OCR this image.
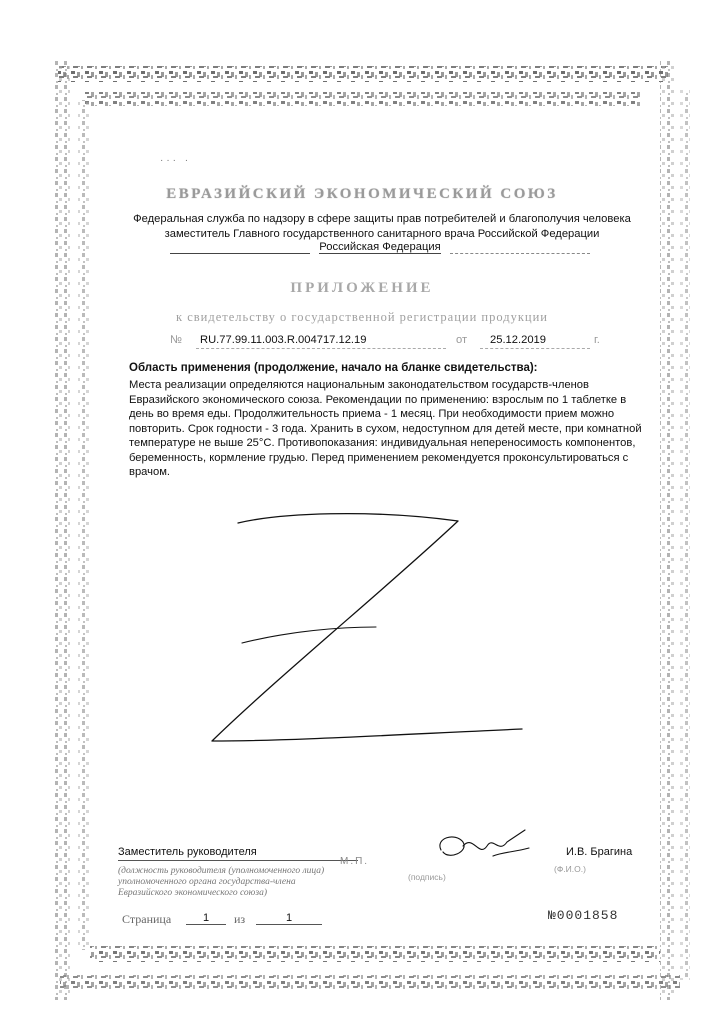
··· ·
ЕВРАЗИЙСКИЙ ЭКОНОМИЧЕСКИЙ СОЮЗ
Федеральная служба по надзору в сфере защиты прав потребителей и благополучия человека
заместитель Главного государственного санитарного врача Российской Федерации
Российская Федерация
ПРИЛОЖЕНИЕ
к свидетельству о государственной регистрации продукции
№ RU.77.99.11.003.R.004717.12.19	от 25.12.2019	г.
Область применения (продолжение, начало на бланке свидетельства):
Места реализации определяются национальным законодательством государств-членов Евразийского экономического союза. Рекомендации по применению: взрослым по 1 таблетке в день во время еды. Продолжительность приема - 1 месяц. При необходимости прием можно повторить. Срок годности - 3 года. Хранить в сухом, недоступном для детей месте, при комнатной температуре не выше 25°С. Противопоказания: индивидуальная непереносимость компонентов, беременность, кормление грудью. Перед применением рекомендуется проконсультироваться с врачом.
Заместитель руководителя
М.П.
(подпись)
И.В. Брагина
(Ф.И.О.)
(должность руководителя (уполномоченного лица) уполномоченного органа государства-члена Евразийского экономического союза)
Страница	1	из	1	№0001858
